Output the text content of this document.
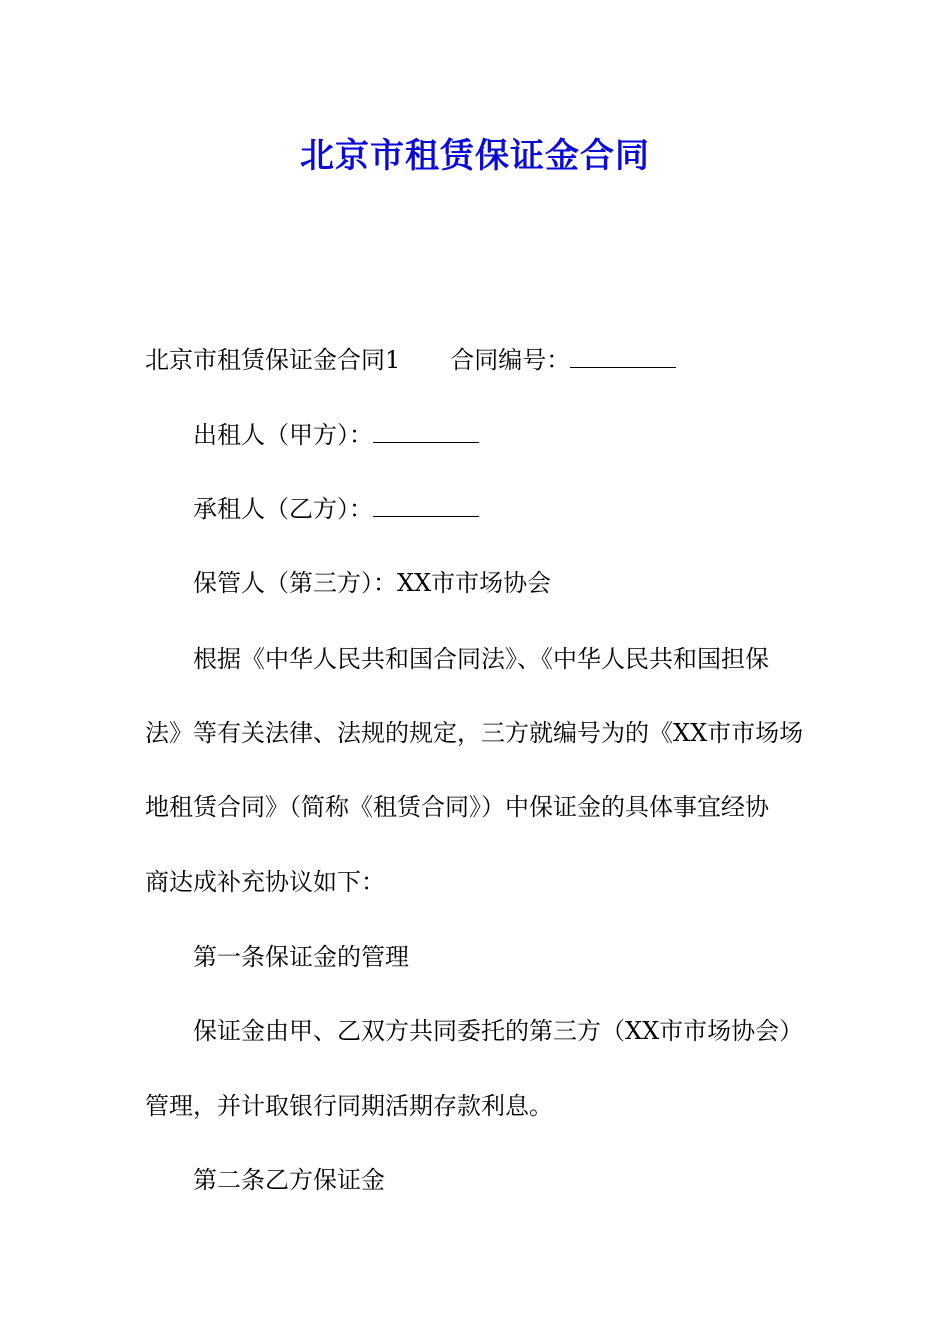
北京市租赁保证金合同

北京市租赁保证金合同1 合同编号：

出租人（甲方）：

承租人（乙方）：

保管人（第三方）：XX市市场协会

根据《中华人民共和国合同法》、《中华人民共和国担保

法》等有关法律、法规的规定，三方就编号为的《XX市市场场

地租赁合同》（简称《租赁合同》）中保证金的具体事宜经协

商达成补充协议如下：

第一条保证金的管理

保证金由甲、乙双方共同委托的第三方（XX市市场协会）

管理，并计取银行同期活期存款利息。

第二条乙方保证金
